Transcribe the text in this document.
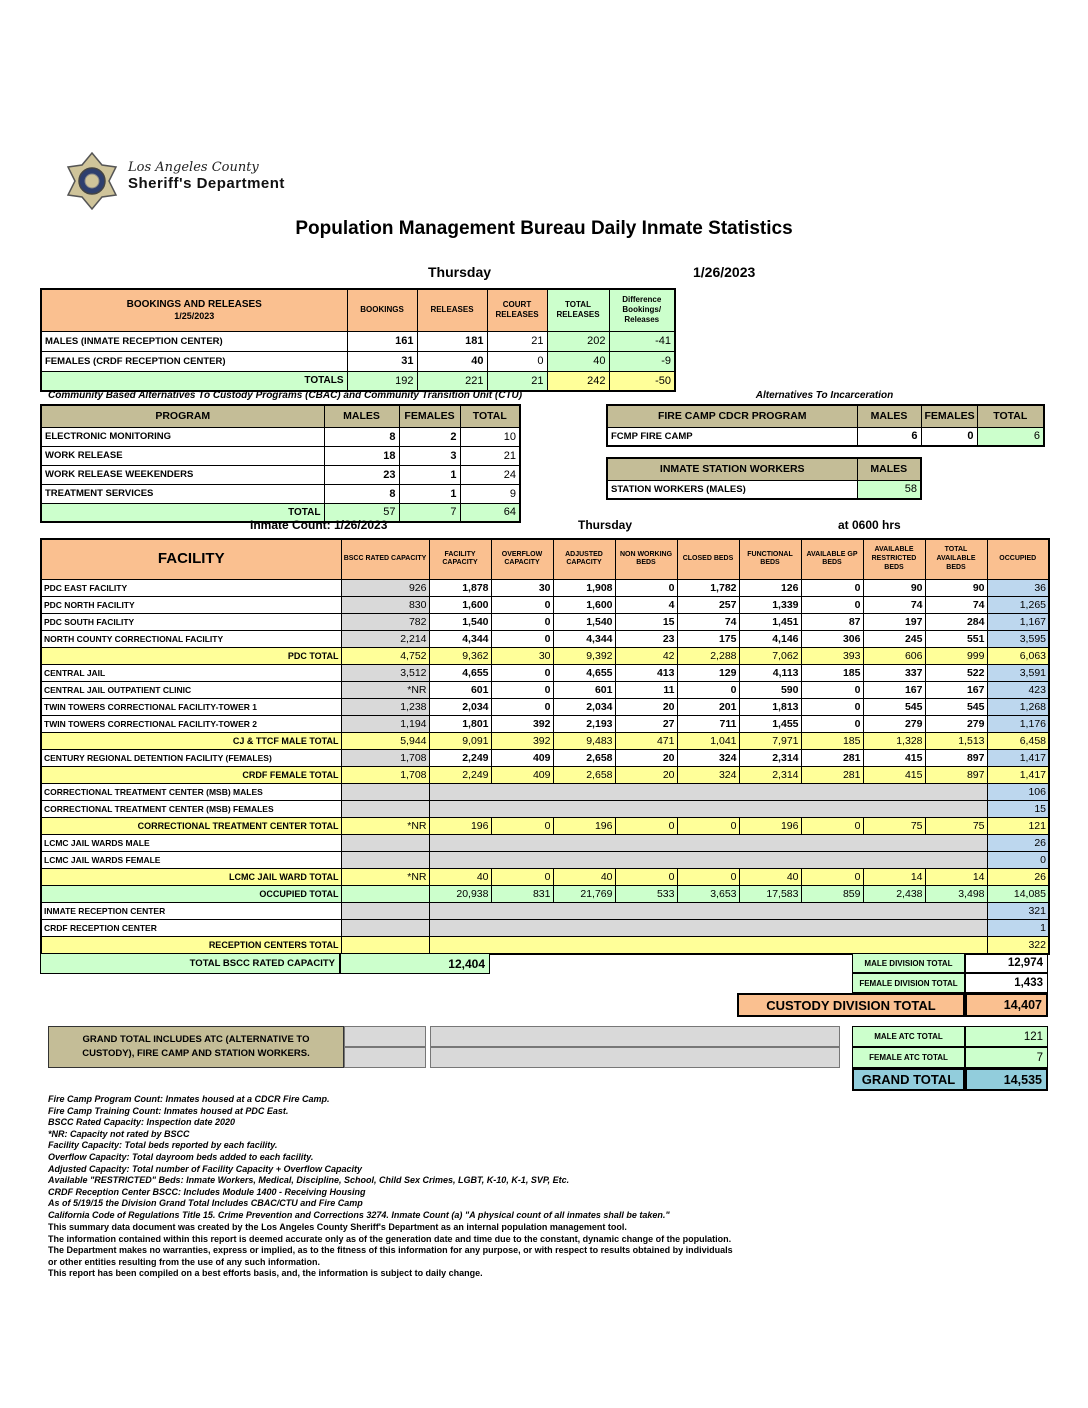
Los Angeles County
Sheriff's Department
Population Management Bureau Daily Inmate Statistics
Thursday	1/26/2023
BOOKINGS AND RELEASES
1/25/2023	BOOKINGS	RELEASES	COURT RELEASES	TOTAL RELEASES	Difference Bookings/ Releases
MALES (INMATE RECEPTION CENTER)	161	181	21	202	-41
FEMALES (CRDF RECEPTION CENTER)	31	40	0	40	-9
TOTALS	192	221	21	242	-50
Community Based Alternatives To Custody Programs (CBAC) and Community Transition Unit (CTU)
PROGRAM	MALES	FEMALES	TOTAL
ELECTRONIC MONITORING	8	2	10
WORK RELEASE	18	3	21
WORK RELEASE WEEKENDERS	23	1	24
TREATMENT SERVICES	8	1	9
TOTAL	57	7	64
Alternatives To Incarceration
FIRE CAMP CDCR PROGRAM	MALES	FEMALES	TOTAL
FCMP FIRE CAMP	6	0	6
INMATE STATION WORKERS	MALES
STATION WORKERS (MALES)	58
Inmate Count: 1/26/2023	Thursday	at 0600 hrs
FACILITY	BSCC RATED CAPACITY	FACILITY CAPACITY	OVERFLOW CAPACITY	ADJUSTED CAPACITY	NON WORKING BEDS	CLOSED BEDS	FUNCTIONAL BEDS	AVAILABLE GP BEDS	AVAILABLE RESTRICTED BEDS	TOTAL AVAILABLE BEDS	OCCUPIED
PDC EAST FACILITY	926	1,878	30	1,908	0	1,782	126	0	90	90	36
PDC NORTH FACILITY	830	1,600	0	1,600	4	257	1,339	0	74	74	1,265
PDC SOUTH FACILITY	782	1,540	0	1,540	15	74	1,451	87	197	284	1,167
NORTH COUNTY CORRECTIONAL FACILITY	2,214	4,344	0	4,344	23	175	4,146	306	245	551	3,595
PDC TOTAL	4,752	9,362	30	9,392	42	2,288	7,062	393	606	999	6,063
CENTRAL JAIL	3,512	4,655	0	4,655	413	129	4,113	185	337	522	3,591
CENTRAL JAIL OUTPATIENT CLINIC	*NR	601	0	601	11	0	590	0	167	167	423
TWIN TOWERS CORRECTIONAL FACILITY-TOWER 1	1,238	2,034	0	2,034	20	201	1,813	0	545	545	1,268
TWIN TOWERS CORRECTIONAL FACILITY-TOWER 2	1,194	1,801	392	2,193	27	711	1,455	0	279	279	1,176
CJ & TTCF MALE TOTAL	5,944	9,091	392	9,483	471	1,041	7,971	185	1,328	1,513	6,458
CENTURY REGIONAL DETENTION FACILITY (FEMALES)	1,708	2,249	409	2,658	20	324	2,314	281	415	897	1,417
CRDF FEMALE TOTAL	1,708	2,249	409	2,658	20	324	2,314	281	415	897	1,417
CORRECTIONAL TREATMENT CENTER (MSB) MALES											106
CORRECTIONAL TREATMENT CENTER (MSB) FEMALES											15
CORRECTIONAL TREATMENT CENTER TOTAL	*NR	196	0	196	0	0	196	0	75	75	121
LCMC JAIL WARDS MALE											26
LCMC JAIL WARDS FEMALE											0
LCMC JAIL WARD TOTAL	*NR	40	0	40	0	0	40	0	14	14	26
OCCUPIED TOTAL		20,938	831	21,769	533	3,653	17,583	859	2,438	3,498	14,085
INMATE RECEPTION CENTER											321
CRDF RECEPTION CENTER											1
RECEPTION CENTERS TOTAL											322
TOTAL BSCC RATED CAPACITY	12,404	MALE DIVISION TOTAL	12,974
FEMALE DIVISION TOTAL	1,433
CUSTODY DIVISION TOTAL	14,407
GRAND TOTAL INCLUDES ATC (ALTERNATIVE TO CUSTODY), FIRE CAMP AND STATION WORKERS.
MALE ATC TOTAL	121
FEMALE ATC TOTAL	7
GRAND TOTAL	14,535
Fire Camp Program Count: Inmates housed at a CDCR Fire Camp.
Fire Camp Training Count: Inmates housed at PDC East.
BSCC Rated Capacity: Inspection date 2020
*NR: Capacity not rated by BSCC
Facility Capacity: Total beds reported by each facility.
Overflow Capacity: Total dayroom beds added to each facility.
Adjusted Capacity: Total number of Facility Capacity + Overflow Capacity
Available "RESTRICTED" Beds: Inmate Workers, Medical, Discipline, School, Child Sex Crimes, LGBT, K-10, K-1, SVP, Etc.
CRDF Reception Center BSCC: Includes Module 1400 - Receiving Housing
As of 5/19/15 the Division Grand Total Includes CBAC/CTU and Fire Camp
California Code of Regulations Title 15. Crime Prevention and Corrections 3274. Inmate Count (a) "A physical count of all inmates shall be taken."
This summary data document was created by the Los Angeles County Sheriff's Department as an internal population management tool.
The information contained within this report is deemed accurate only as of the generation date and time due to the constant, dynamic change of the population.
The Department makes no warranties, express or implied, as to the fitness of this information for any purpose, or with respect to results obtained by individuals
or other entities resulting from the use of any such information.
This report has been compiled on a best efforts basis, and, the information is subject to daily change.
